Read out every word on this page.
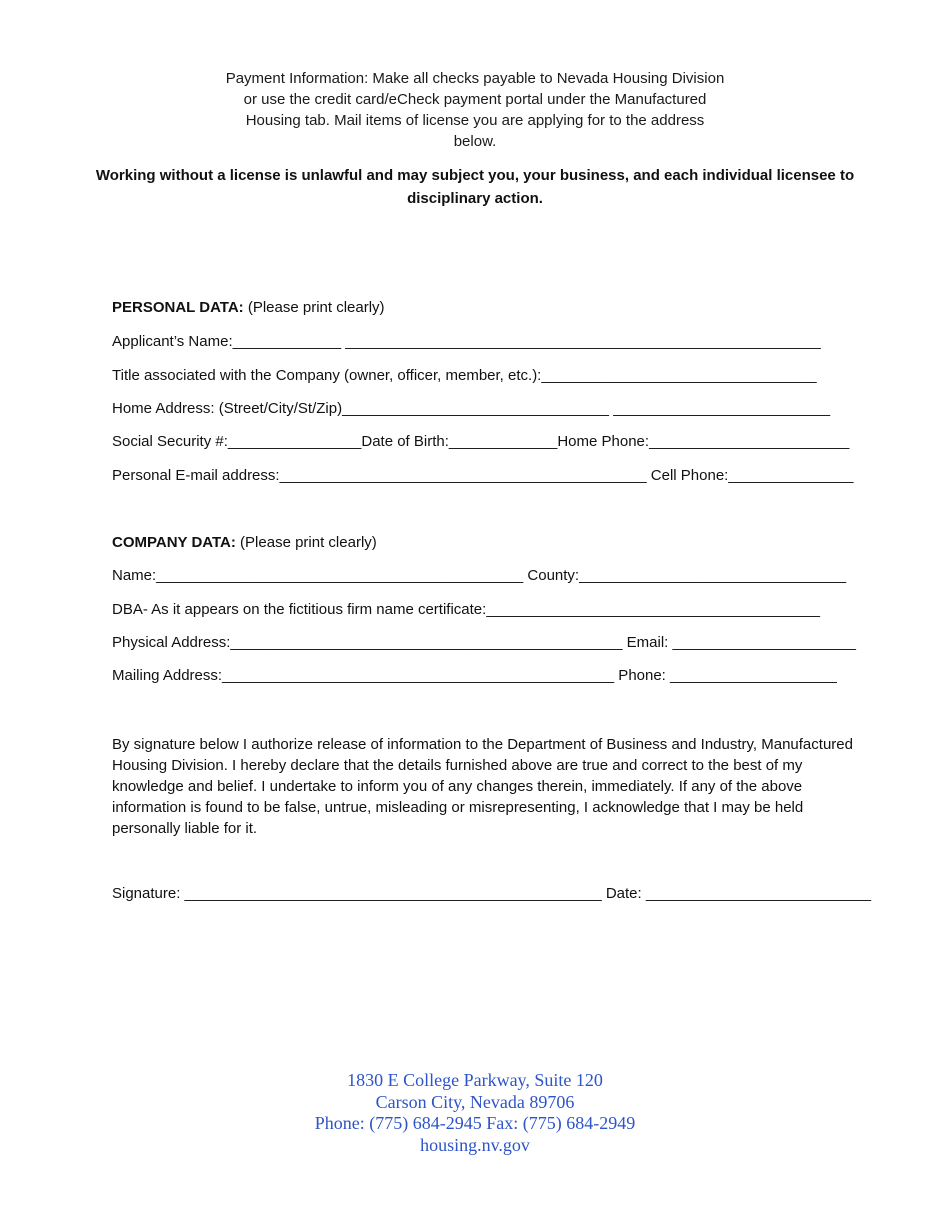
Payment Information: Make all checks payable to Nevada Housing Division
or use the credit card/eCheck payment portal under the Manufactured
Housing tab. Mail items of license you are applying for to the address
below.
Working without a license is unlawful and may subject you, your business, and each individual licensee to
disciplinary action.
PERSONAL DATA: (Please print clearly)
Applicant’s Name:_____________ _________________________________________________________
Title associated with the Company (owner, officer, member, etc.):_________________________________
Home Address: (Street/City/St/Zip)________________________________ __________________________
Social Security #:________________Date of Birth:_____________Home Phone:________________________
Personal E-mail address:____________________________________________ Cell Phone:_______________
COMPANY DATA: (Please print clearly)
Name:____________________________________________ County:________________________________
DBA- As it appears on the fictitious firm name certificate:________________________________________
Physical Address:_______________________________________________ Email: ______________________
Mailing Address:_______________________________________________ Phone: ____________________
By signature below I authorize release of information to the Department of Business and Industry, Manufactured Housing Division. I hereby declare that the details furnished above are true and correct to the best of my knowledge and belief. I undertake to inform you of any changes therein, immediately. If any of the above information is found to be false, untrue, misleading or misrepresenting, I acknowledge that I may be held personally liable for it.
Signature: __________________________________________________ Date: ___________________________
1830 E College Parkway, Suite 120
Carson City, Nevada 89706
Phone: (775) 684-2945 Fax: (775) 684-2949
housing.nv.gov
